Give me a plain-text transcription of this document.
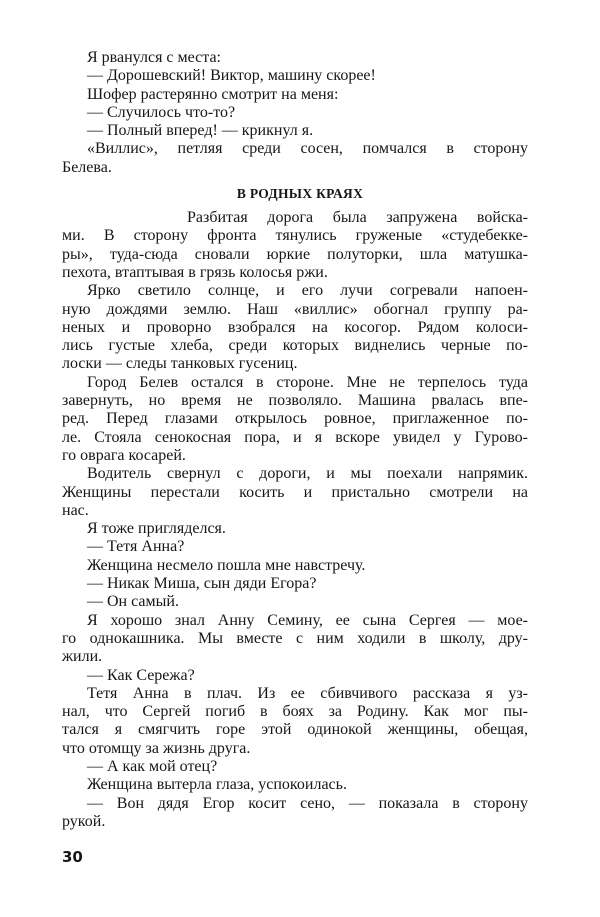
Я рванулся с места:
— Дорошевский! Виктор, машину скорее!
Шофер растерянно смотрит на меня:
— Случилось что-то?
— Полный вперед! — крикнул я.
«Виллис», петляя среди сосен, помчался в сторону
Белева.
В РОДНЫХ КРАЯХ
Разбитая дорога была запружена войска-
ми. В сторону фронта тянулись груженые «студебекке-
ры», туда-сюда сновали юркие полуторки, шла матушка-
пехота, втаптывая в грязь колосья ржи.
Ярко светило солнце, и его лучи согревали напоен-
ную дождями землю. Наш «виллис» обогнал группу ра-
неных и проворно взобрался на косогор. Рядом колоси-
лись густые хлеба, среди которых виднелись черные по-
лоски — следы танковых гусениц.
Город Белев остался в стороне. Мне не терпелось туда
завернуть, но время не позволяло. Машина рвалась впе-
ред. Перед глазами открылось ровное, приглаженное по-
ле. Стояла сенокосная пора, и я вскоре увидел у Гурово-
го оврага косарей.
Водитель свернул с дороги, и мы поехали напрямик.
Женщины перестали косить и пристально смотрели на
нас.
Я тоже пригляделся.
— Тетя Анна?
Женщина несмело пошла мне навстречу.
— Никак Миша, сын дяди Егора?
— Он самый.
Я хорошо знал Анну Семину, ее сына Сергея — мое-
го однокашника. Мы вместе с ним ходили в школу, дру-
жили.
— Как Сережа?
Тетя Анна в плач. Из ее сбивчивого рассказа я уз-
нал, что Сергей погиб в боях за Родину. Как мог пы-
тался я смягчить горе этой одинокой женщины, обещая,
что отомщу за жизнь друга.
— А как мой отец?
Женщина вытерла глаза, успокоилась.
— Вон дядя Егор косит сено, — показала в сторону
рукой.
30
